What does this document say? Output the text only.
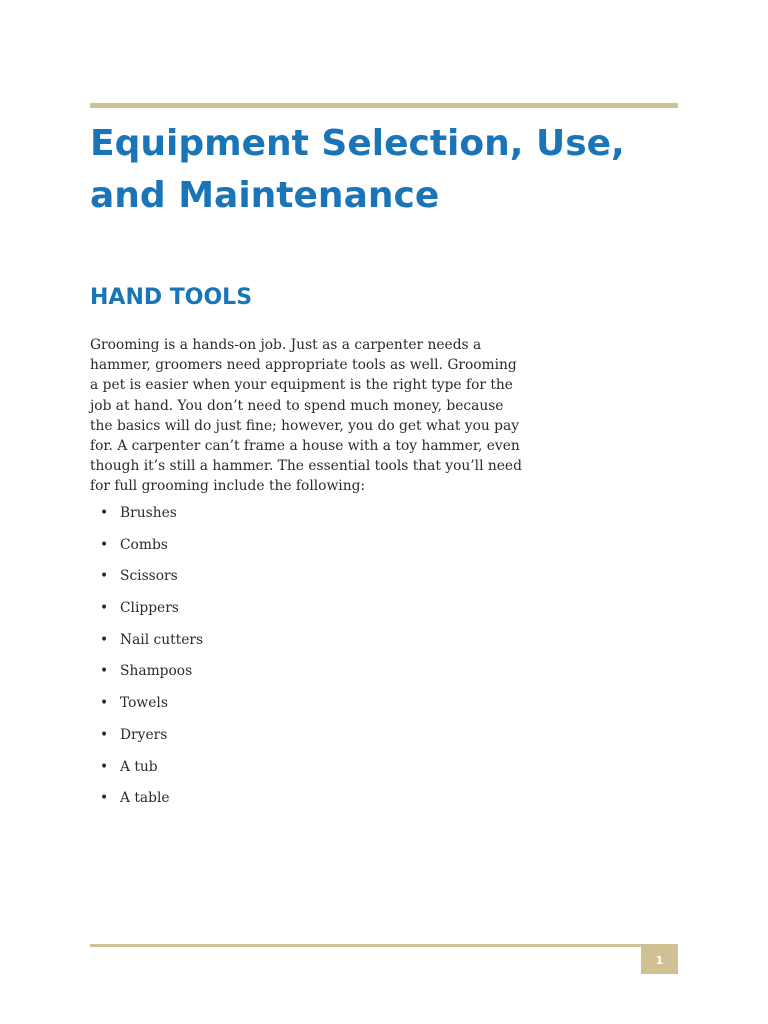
Equipment Selection, Use,
and Maintenance
HAND TOOLS

Grooming is a hands-on job. Just as a carpenter needs a
hammer, groomers need appropriate tools as well. Grooming
a pet is easier when your equipment is the right type for the
job at hand. You don’t need to spend much money, because
the basics will do just fine; however, you do get what you pay
for. A carpenter can’t frame a house with a toy hammer, even
though it’s still a hammer. The essential tools that you’ll need
for full grooming include the following:

• Brushes
• Combs
• Scissors
• Clippers
• Nail cutters
• Shampoos
• Towels
• Dryers
• A tub
• A table
1
